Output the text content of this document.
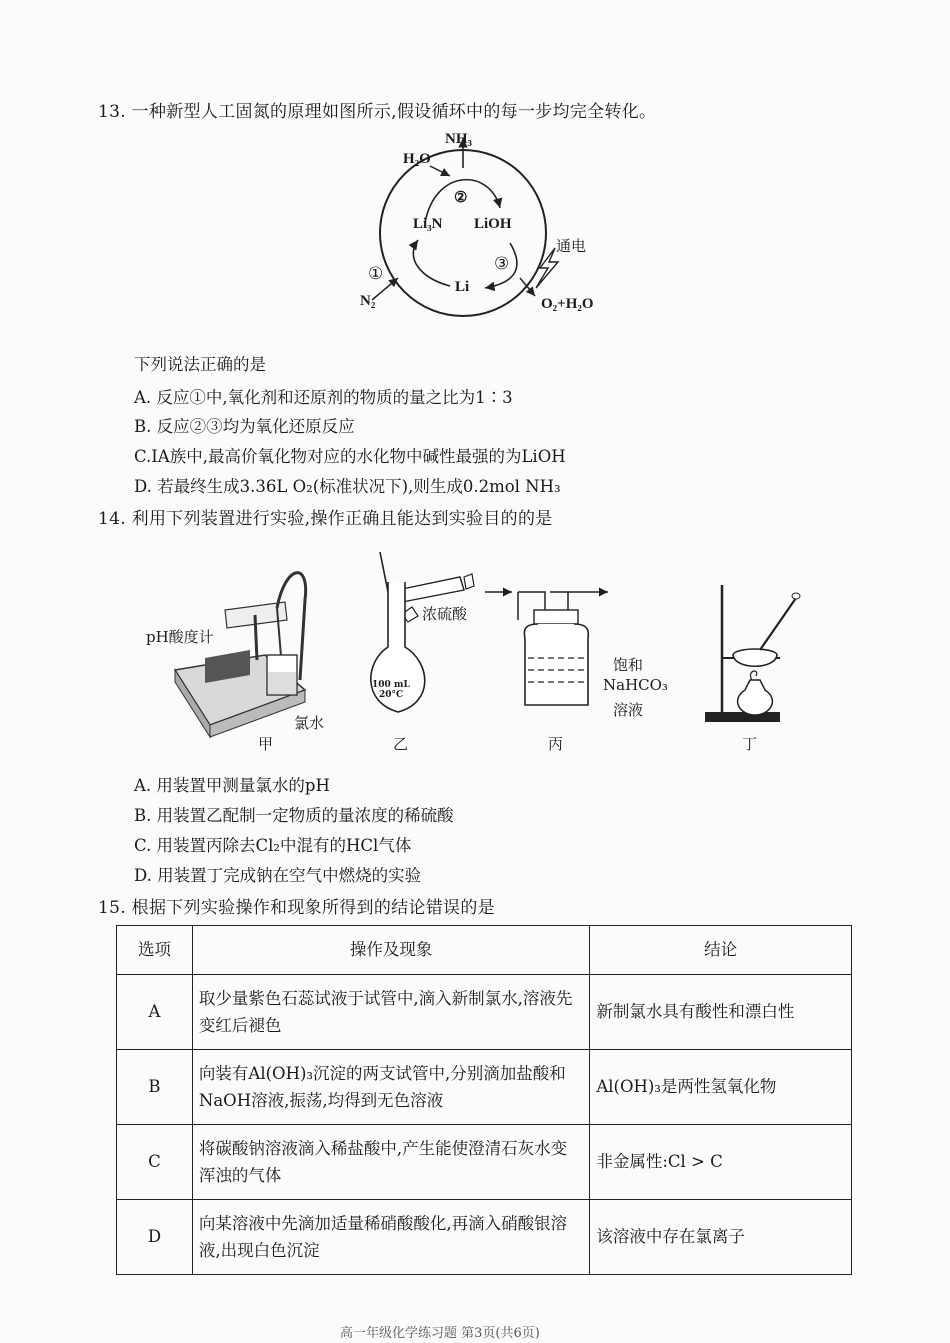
13. 一种新型人工固氮的原理如图所示,假设循环中的每一步均完全转化。
NH₃
H₂O
②
Li₃N LiOH
通电
①
③
N₂
Li
O₂+H₂O
下列说法正确的是
A. 反应①中,氧化剂和还原剂的物质的量之比为1∶3
B. 反应②③均为氧化还原反应
C.IA族中,最高价氧化物对应的水化物中碱性最强的为LiOH
D. 若最终生成3.36L O₂(标准状况下),则生成0.2mol NH₃
14. 利用下列装置进行实验,操作正确且能达到实验目的的是
pH酸度计
氯水
甲
浓硫酸
100 mL
20°C
乙
饱和
NaHCO₃
溶液
丙	丁
A. 用装置甲测量氯水的pH
B. 用装置乙配制一定物质的量浓度的稀硫酸
C. 用装置丙除去Cl₂中混有的HCl气体
D. 用装置丁完成钠在空气中燃烧的实验
15. 根据下列实验操作和现象所得到的结论错误的是
选项	操作及现象	结论
A	取少量紫色石蕊试液于试管中,滴入新制氯水,溶液先变红后褪色	新制氯水具有酸性和漂白性
B	向装有Al(OH)₃沉淀的两支试管中,分别滴加盐酸和NaOH溶液,振荡,均得到无色溶液	Al(OH)₃是两性氢氧化物
C	将碳酸钠溶液滴入稀盐酸中,产生能使澄清石灰水变浑浊的气体	非金属性:Cl > C
D	向某溶液中先滴加适量稀硝酸酸化,再滴入硝酸银溶液,出现白色沉淀	该溶液中存在氯离子
高一年级化学练习题 第3页(共6页)
